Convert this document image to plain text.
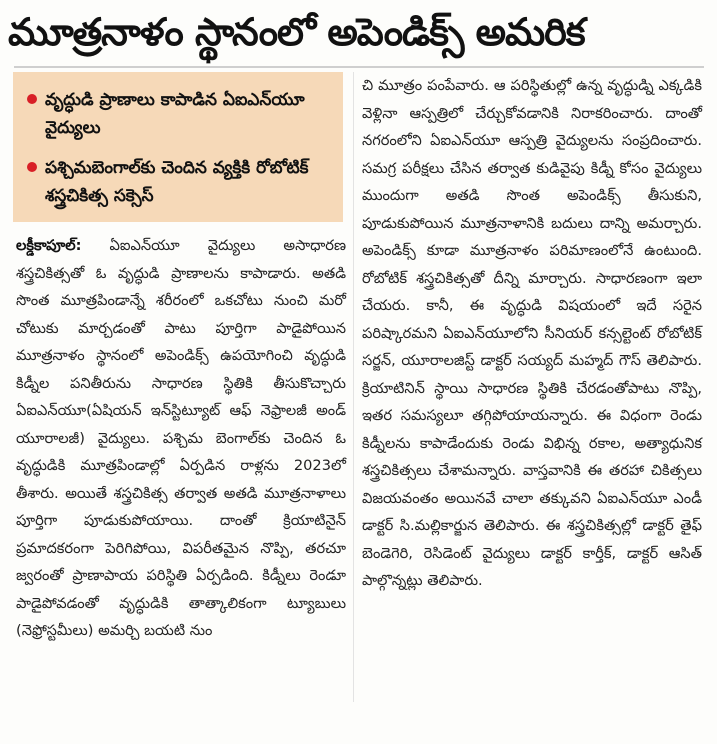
మూత్రనాళం స్థానంలో అపెండిక్స్ అమరిక
వృద్ధుడి ప్రాణాలు కాపాడిన ఏఐఎన్‌యూ వైద్యులు
పశ్చిమబెంగాల్‌కు చెందిన వ్యక్తికి రోబోటిక్ శస్త్రచికిత్స సక్సెస్

లక్డీకాపూల్: ఏఐఎన్‌యూ వైద్యులు అసాధారణ శస్త్రచికిత్సతో ఓ వృద్ధుడి ప్రాణాలను కాపాడారు. అతడి సొంత మూత్రపిండాన్నే శరీరంలో ఒకచోటు నుంచి మరో చోటుకు మార్చడంతో పాటు పూర్తిగా పాడైపోయిన మూత్రనాళం స్థానంలో అపెండిక్స్ ఉపయోగించి వృద్ధుడి కిడ్నీల పనితీరును సాధారణ స్థితికి తీసుకొచ్చారు ఏఐఎన్‌యూ(ఏషియన్ ఇన్‌స్టిట్యూట్ ఆఫ్ నెఫ్రాలజీ అండ్ యూరాలజీ) వైద్యులు. పశ్చిమ బెంగాల్‌కు చెందిన ఓ వృద్ధుడికి మూత్రపిండాల్లో ఏర్పడిన రాళ్లను 2023లో తీశారు. అయితే శస్త్రచికిత్స తర్వాత అతడి మూత్రనాళాలు పూర్తిగా పూడుకుపోయాయి. దాంతో క్రియాటినైన్ ప్రమాదకరంగా పెరిగిపోయి, విపరీతమైన నొప్పి, తరచూ జ్వరంతో ప్రాణాపాయ పరిస్థితి ఏర్పడింది. కిడ్నీలు రెండూ పాడైపోవడంతో వృద్ధుడికి తాత్కాలికంగా ట్యూబులు (నెఫ్రోస్టమీలు) అమర్చి బయటి నుం

చి మూత్రం పంపేవారు. ఆ పరిస్థితుల్లో ఉన్న వృద్ధుడ్ని ఎక్కడికి వెళ్లినా ఆస్పత్రిలో చేర్చుకోవడానికి నిరాకరించారు. దాంతో నగరంలోని ఏఐఎన్‌యూ ఆస్పత్రి వైద్యులను సంప్రదించారు. సమగ్ర పరీక్షలు చేసిన తర్వాత కుడివైపు కిడ్నీ కోసం వైద్యులు ముందుగా అతడి సొంత అపెండిక్స్ తీసుకుని, పూడుకుపోయిన మూత్రనాళానికి బదులు దాన్ని అమర్చారు. అపెండిక్స్ కూడా మూత్రనాళం పరిమాణంలోనే ఉంటుంది. రోబోటిక్ శస్త్రచికిత్సతో దీన్ని మార్చారు. సాధారణంగా ఇలా చేయరు. కానీ, ఈ వృద్ధుడి విషయంలో ఇదే సరైన పరిష్కారమని ఏఐఎన్‌యూలోని సీనియర్ కన్సల్టెంట్ రోబోటిక్ సర్జన్, యూరాలజిస్ట్ డాక్టర్ సయ్యద్ మహ్మద్ గౌస్ తెలిపారు. క్రియాటినిన్ స్థాయి సాధారణ స్థితికి చేరడంతోపాటు నొప్పి, ఇతర సమస్యలూ తగ్గిపోయాయన్నారు. ఈ విధంగా రెండు కిడ్నీలను కాపాడేందుకు రెండు విభిన్న రకాల, అత్యాధునిక శస్త్రచికిత్సలు చేశామన్నారు. వాస్తవానికి ఈ తరహా చికిత్సలు విజయవంతం అయినవే చాలా తక్కువని ఏఐఎన్‌యూ ఎండీ డాక్టర్ సి.మల్లికార్జున తెలిపారు. ఈ శస్త్రచికిత్సల్లో డాక్టర్ తైఫ్ బెండెగెరి, రెసిడెంట్ వైద్యులు డాక్టర్ కార్తీక్, డాక్టర్ ఆసిత్ పాల్గొన్నట్లు తెలిపారు.
